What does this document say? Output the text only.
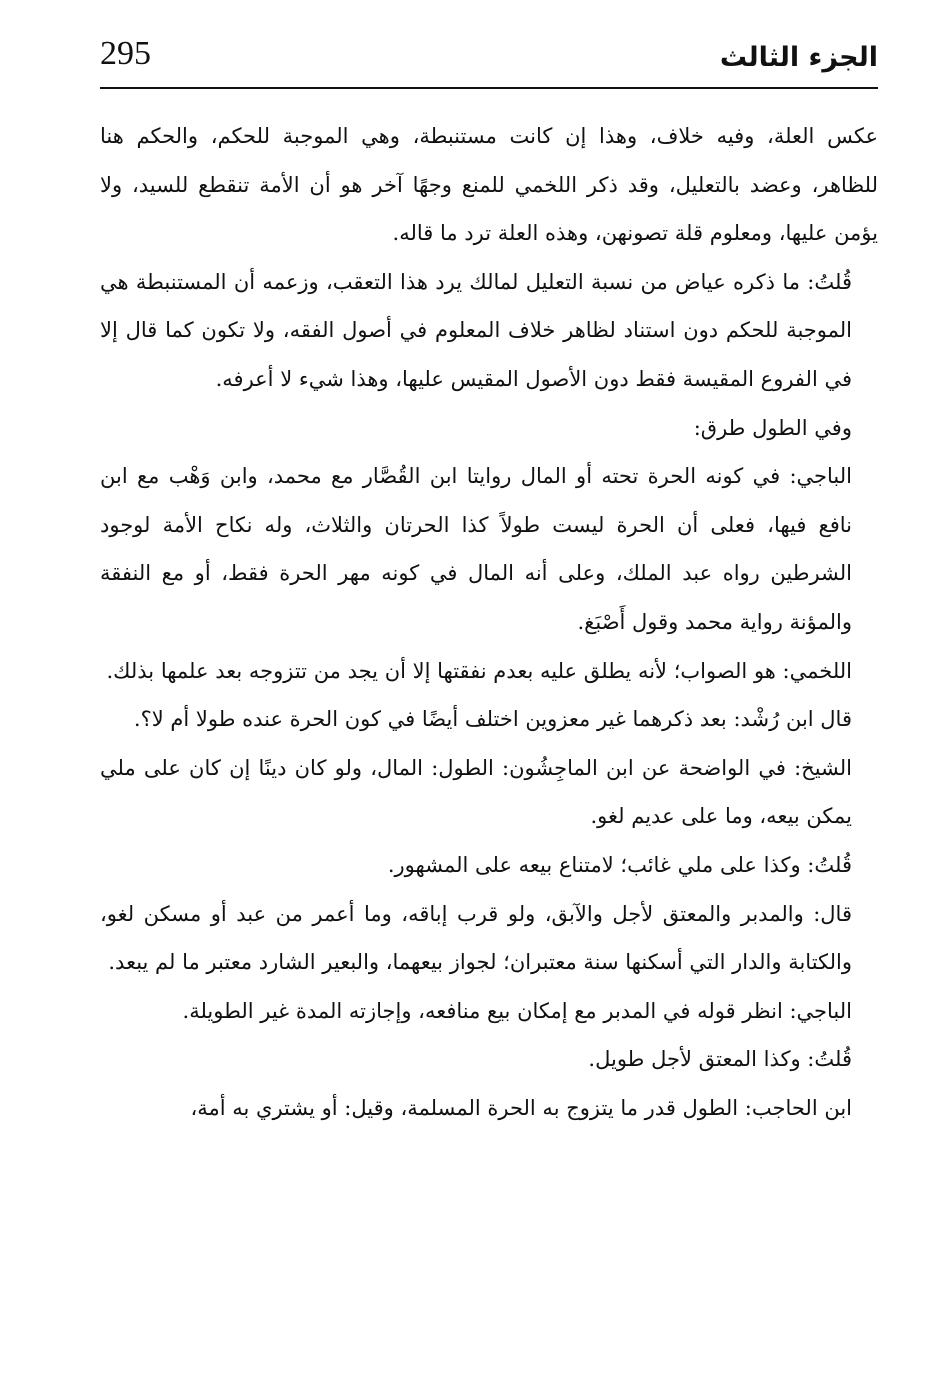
295	الجزء الثالث

عكس العلة، وفيه خلاف، وهذا إن كانت مستنبطة، وهي الموجبة للحكم، والحكم هنا للظاهر، وعضد بالتعليل، وقد ذكر اللخمي للمنع وجهًا آخر هو أن الأمة تنقطع للسيد، ولا يؤمن عليها، ومعلوم قلة تصونهن، وهذه العلة ترد ما قاله.

قُلتُ: ما ذكره عياض من نسبة التعليل لمالك يرد هذا التعقب، وزعمه أن المستنبطة هي الموجبة للحكم دون استناد لظاهر خلاف المعلوم في أصول الفقه، ولا تكون كما قال إلا في الفروع المقيسة فقط دون الأصول المقيس عليها، وهذا شيء لا أعرفه.

وفي الطول طرق:

الباجي: في كونه الحرة تحته أو المال روايتا ابن القُصَّار مع محمد، وابن وَهْب مع ابن نافع فيها، فعلى أن الحرة ليست طولاً كذا الحرتان والثلاث، وله نكاح الأمة لوجود الشرطين رواه عبد الملك، وعلى أنه المال في كونه مهر الحرة فقط، أو مع النفقة والمؤنة رواية محمد وقول أَصْبَغ.

اللخمي: هو الصواب؛ لأنه يطلق عليه بعدم نفقتها إلا أن يجد من تتزوجه بعد علمها بذلك.

قال ابن رُشْد: بعد ذكرهما غير معزوين اختلف أيضًا في كون الحرة عنده طولا أم لا؟.

الشيخ: في الواضحة عن ابن الماجِشُون: الطول: المال، ولو كان دينًا إن كان على ملي يمكن بيعه، وما على عديم لغو.

قُلتُ: وكذا على ملي غائب؛ لامتناع بيعه على المشهور.

قال: والمدبر والمعتق لأجل والآبق، ولو قرب إباقه، وما أعمر من عبد أو مسكن لغو، والكتابة والدار التي أسكنها سنة معتبران؛ لجواز بيعهما، والبعير الشارد معتبر ما لم يبعد.

الباجي: انظر قوله في المدبر مع إمكان بيع منافعه، وإجازته المدة غير الطويلة.

قُلتُ: وكذا المعتق لأجل طويل.

ابن الحاجب: الطول قدر ما يتزوج به الحرة المسلمة، وقيل: أو يشتري به أمة،
